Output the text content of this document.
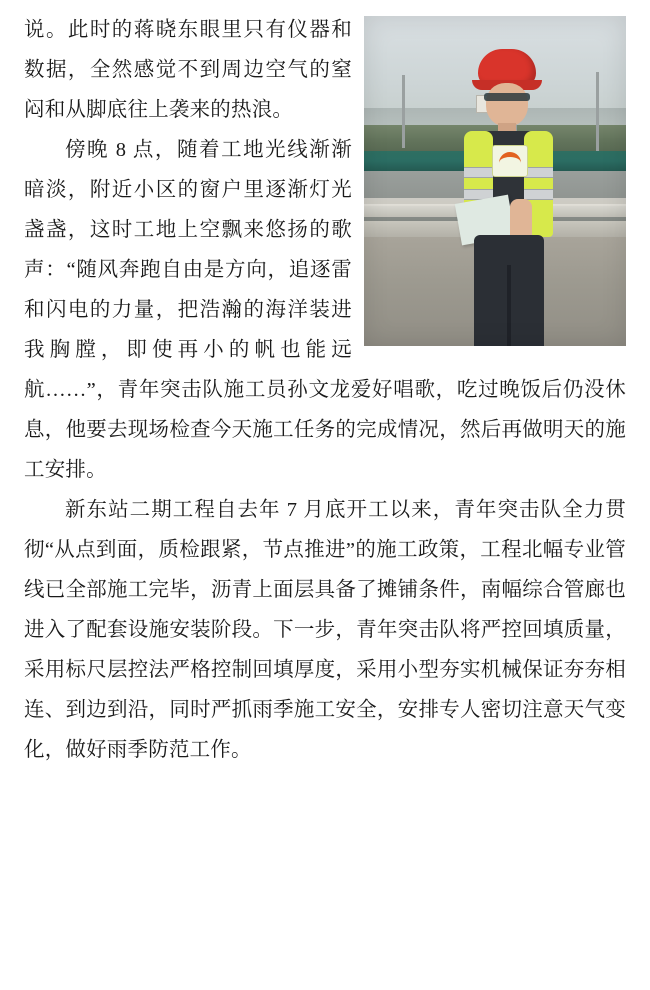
说。此时的蒋晓东眼里只有仪器和数据，全然感觉不到周边空气的窒闷和从脚底往上袭来的热浪。

傍晚 8 点，随着工地光线渐渐暗淡，附近小区的窗户里逐渐灯光盏盏，这时工地上空飘来悠扬的歌声：“随风奔跑自由是方向，追逐雷和闪电的力量，把浩瀚的海洋装进我胸膛，即使再小的帆也能远航……”，青年突击队施工员孙文龙爱好唱歌，吃过晚饭后仍没休息，他要去现场检查今天施工任务的完成情况，然后再做明天的施工安排。

新东站二期工程自去年 7 月底开工以来，青年突击队全力贯彻“从点到面，质检跟紧，节点推进”的施工政策，工程北幅专业管线已全部施工完毕，沥青上面层具备了摊铺条件，南幅综合管廊也进入了配套设施安装阶段。下一步，青年突击队将严控回填质量，采用标尺层控法严格控制回填厚度，采用小型夯实机械保证夯夯相连、到边到沿，同时严抓雨季施工安全，安排专人密切注意天气变化，做好雨季防范工作。
